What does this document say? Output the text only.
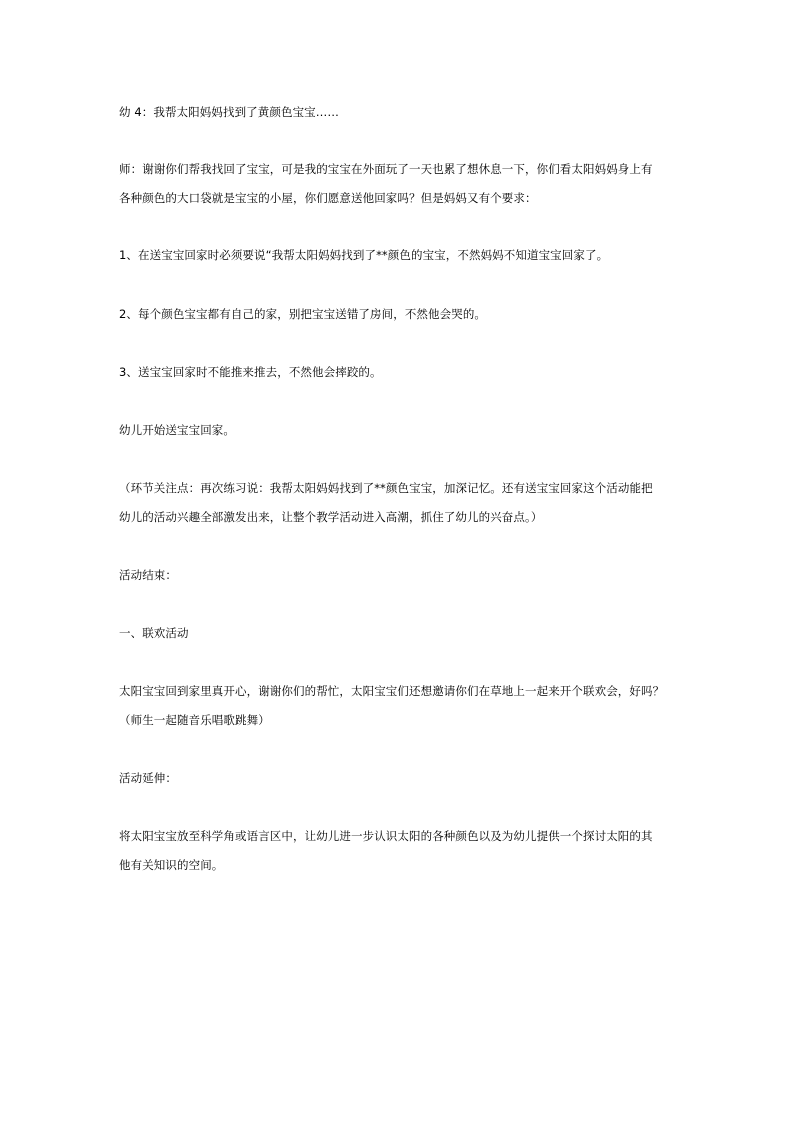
幼 4：我帮太阳妈妈找到了黄颜色宝宝……
师：谢谢你们帮我找回了宝宝，可是我的宝宝在外面玩了一天也累了想休息一下，你们看太阳妈妈身上有
各种颜色的大口袋就是宝宝的小屋，你们愿意送他回家吗？但是妈妈又有个要求：
1、在送宝宝回家时必须要说“我帮太阳妈妈找到了**颜色的宝宝，不然妈妈不知道宝宝回家了。
2、每个颜色宝宝都有自己的家，别把宝宝送错了房间，不然他会哭的。
3、送宝宝回家时不能推来推去，不然他会摔跤的。
幼儿开始送宝宝回家。
（环节关注点：再次练习说：我帮太阳妈妈找到了**颜色宝宝，加深记忆。还有送宝宝回家这个活动能把
幼儿的活动兴趣全部激发出来，让整个教学活动进入高潮，抓住了幼儿的兴奋点。）
活动结束：
一、联欢活动
太阳宝宝回到家里真开心，谢谢你们的帮忙，太阳宝宝们还想邀请你们在草地上一起来开个联欢会，好吗？
（师生一起随音乐唱歌跳舞）
活动延伸：
将太阳宝宝放至科学角或语言区中，让幼儿进一步认识太阳的各种颜色以及为幼儿提供一个探讨太阳的其
他有关知识的空间。
